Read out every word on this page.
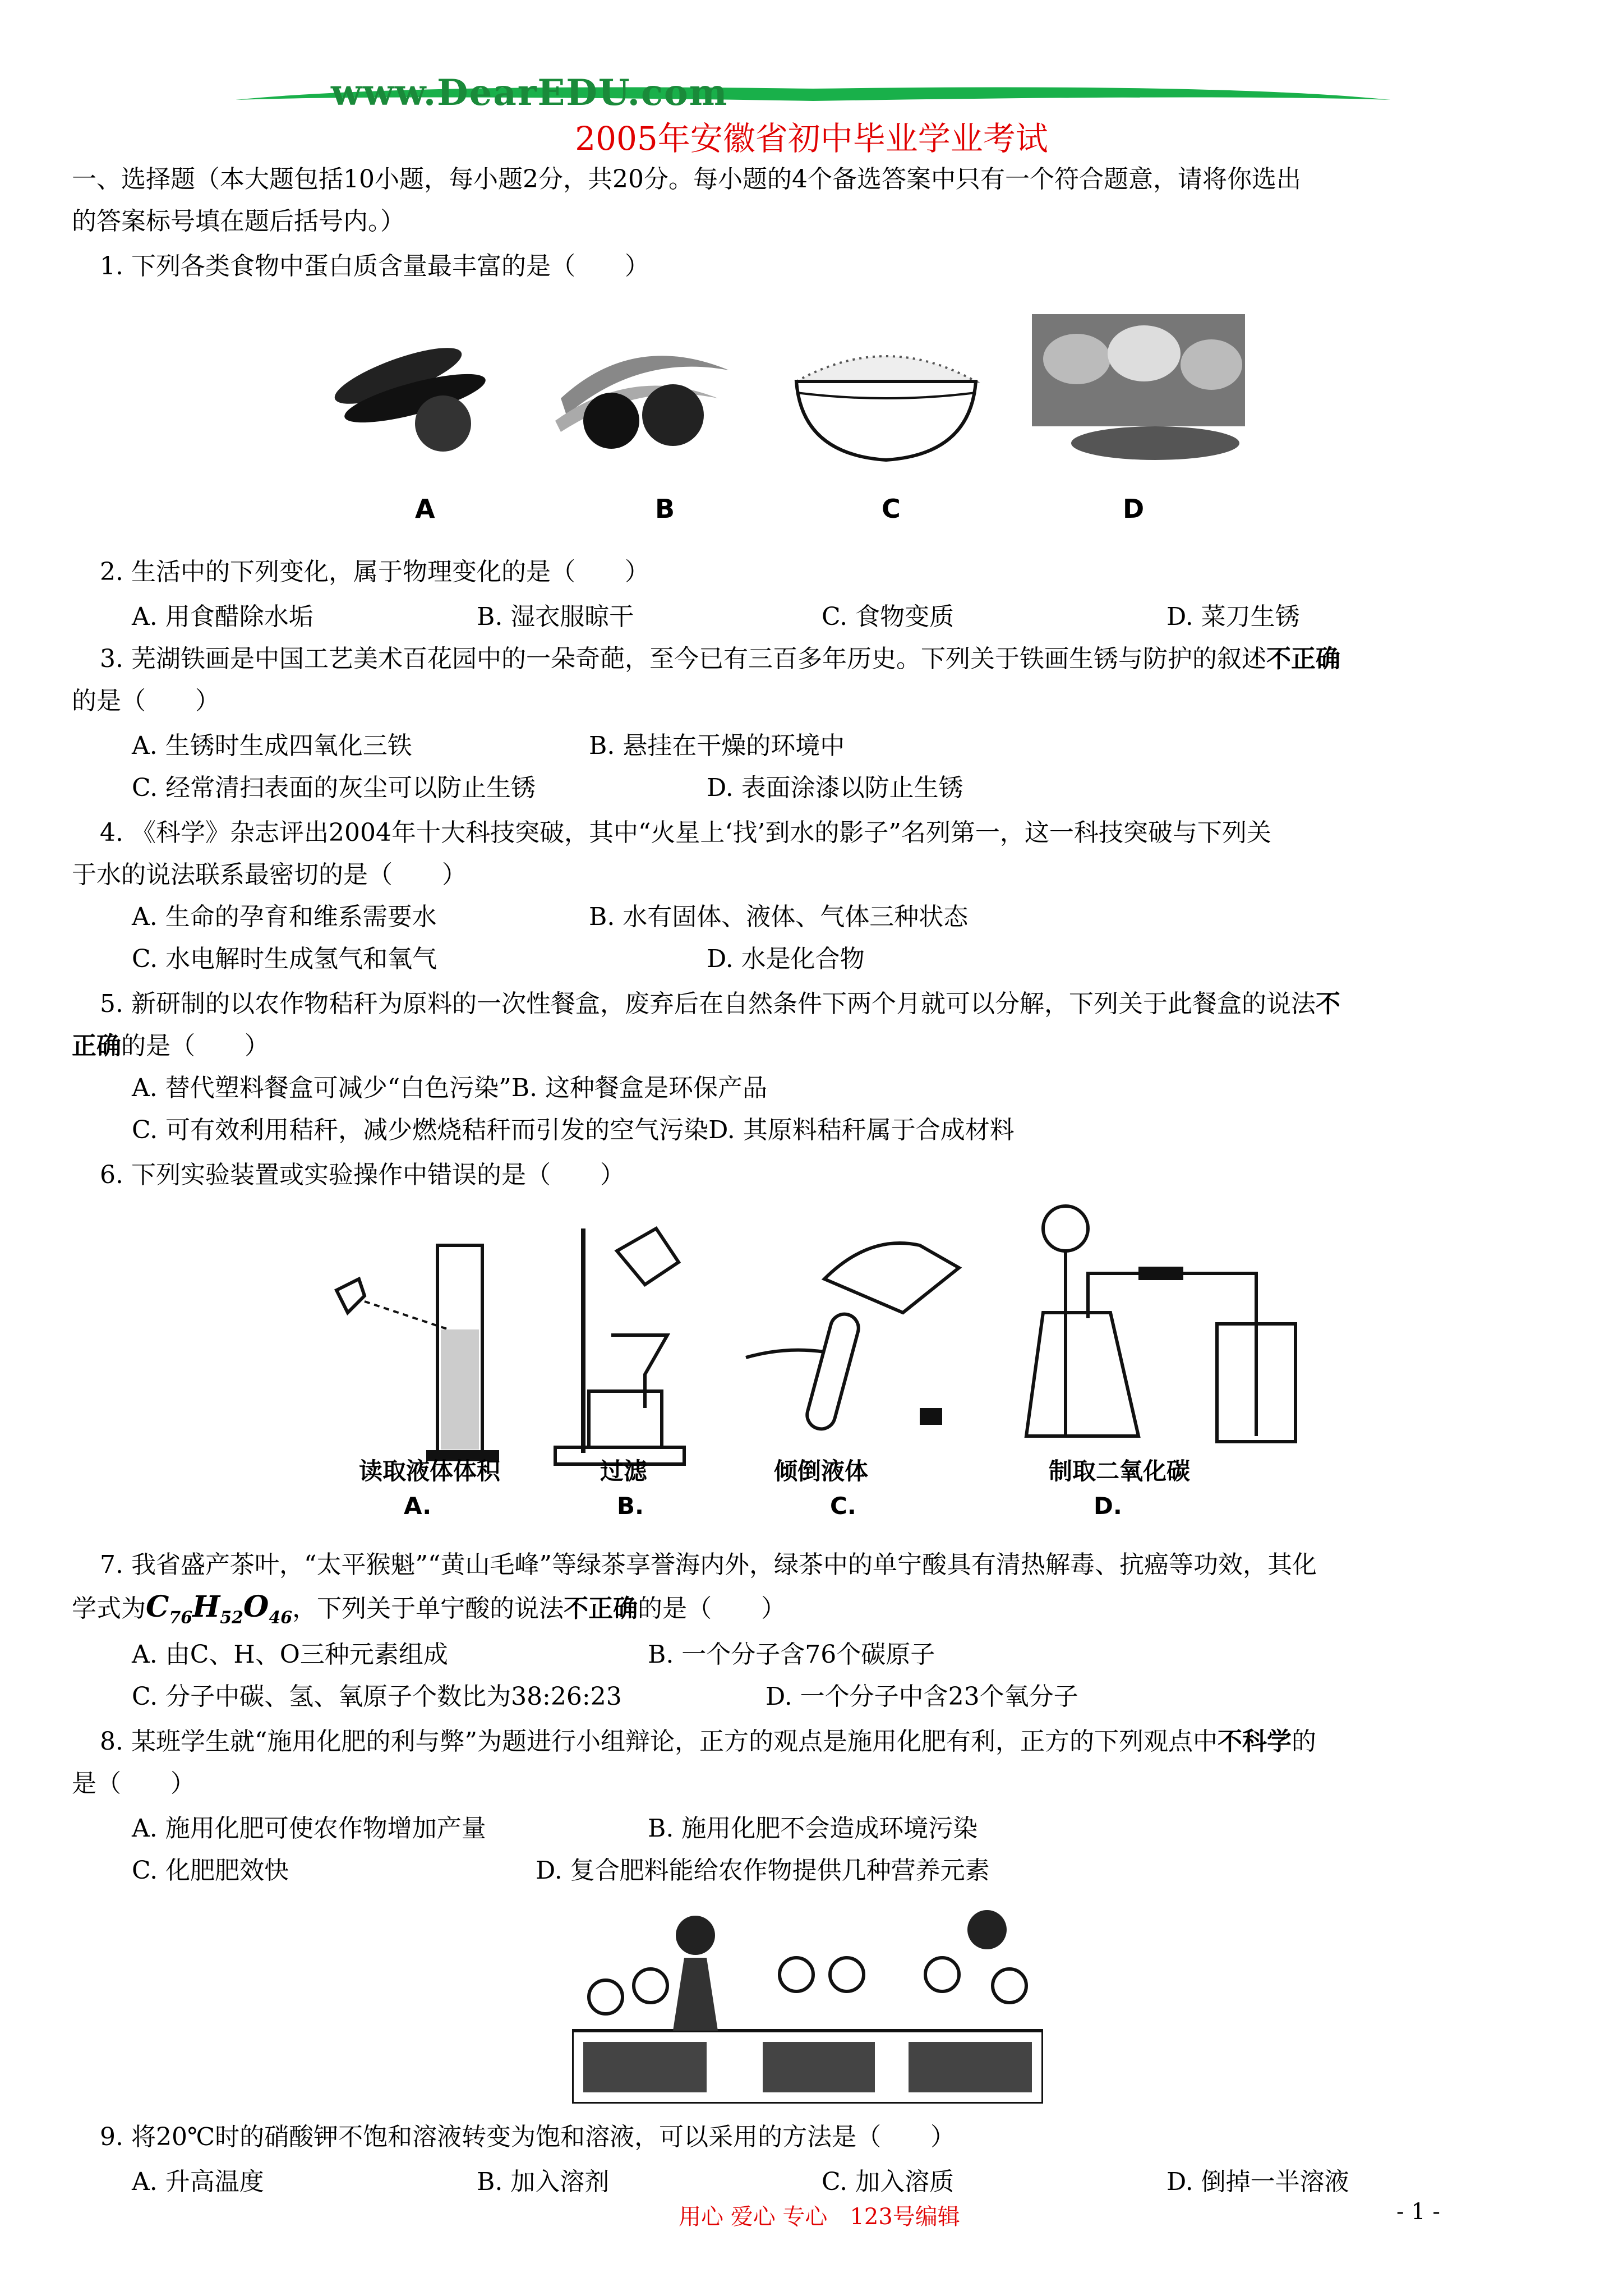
www.DearEDU.com
2005年安徽省初中毕业学业考试
一、选择题（本大题包括10小题，每小题2分，共20分。每小题的4个备选答案中只有一个符合题意，请将你选出
的答案标号填在题后括号内。）
1. 下列各类食物中蛋白质含量最丰富的是（　　）
A	B	C	D
2. 生活中的下列变化，属于物理变化的是（　　）
A. 用食醋除水垢	B. 湿衣服晾干	C. 食物变质	D. 菜刀生锈
3. 芜湖铁画是中国工艺美术百花园中的一朵奇葩，至今已有三百多年历史。下列关于铁画生锈与防护的叙述不正确
的是（　　）
A. 生锈时生成四氧化三铁	B. 悬挂在干燥的环境中
C. 经常清扫表面的灰尘可以防止生锈	D. 表面涂漆以防止生锈
4. 《科学》杂志评出2004年十大科技突破，其中“火星上‘找’到水的影子”名列第一，这一科技突破与下列关
于水的说法联系最密切的是（　　）
A. 生命的孕育和维系需要水	B. 水有固体、液体、气体三种状态
C. 水电解时生成氢气和氧气	D. 水是化合物
5. 新研制的以农作物秸秆为原料的一次性餐盒，废弃后在自然条件下两个月就可以分解，下列关于此餐盒的说法不
正确的是（　　）
A. 替代塑料餐盒可减少“白色污染”B. 这种餐盒是环保产品
C. 可有效利用秸秆，减少燃烧秸秆而引发的空气污染D. 其原料秸秆属于合成材料
6. 下列实验装置或实验操作中错误的是（　　）
读取液体体积	过滤	倾倒液体	制取二氧化碳
A.	B.	C.	D.
7. 我省盛产茶叶，“太平猴魁”“黄山毛峰”等绿茶享誉海内外，绿茶中的单宁酸具有清热解毒、抗癌等功效，其化
学式为$C_{76}H_{52}O_{46}$，下列关于单宁酸的说法不正确的是（　　）
A. 由C、H、O三种元素组成	B. 一个分子含76个碳原子
C. 分子中碳、氢、氧原子个数比为38:26:23	D. 一个分子中含23个氧分子
8. 某班学生就“施用化肥的利与弊”为题进行小组辩论，正方的观点是施用化肥有利，正方的下列观点中不科学的
是（　　）
A. 施用化肥可使农作物增加产量	B. 施用化肥不会造成环境污染
C. 化肥肥效快	D. 复合肥料能给农作物提供几种营养元素
9. 将20℃时的硝酸钾不饱和溶液转变为饱和溶液，可以采用的方法是（　　）
A. 升高温度	B. 加入溶剂	C. 加入溶质	D. 倒掉一半溶液
用心 爱心 专心　123号编辑	- 1 -
